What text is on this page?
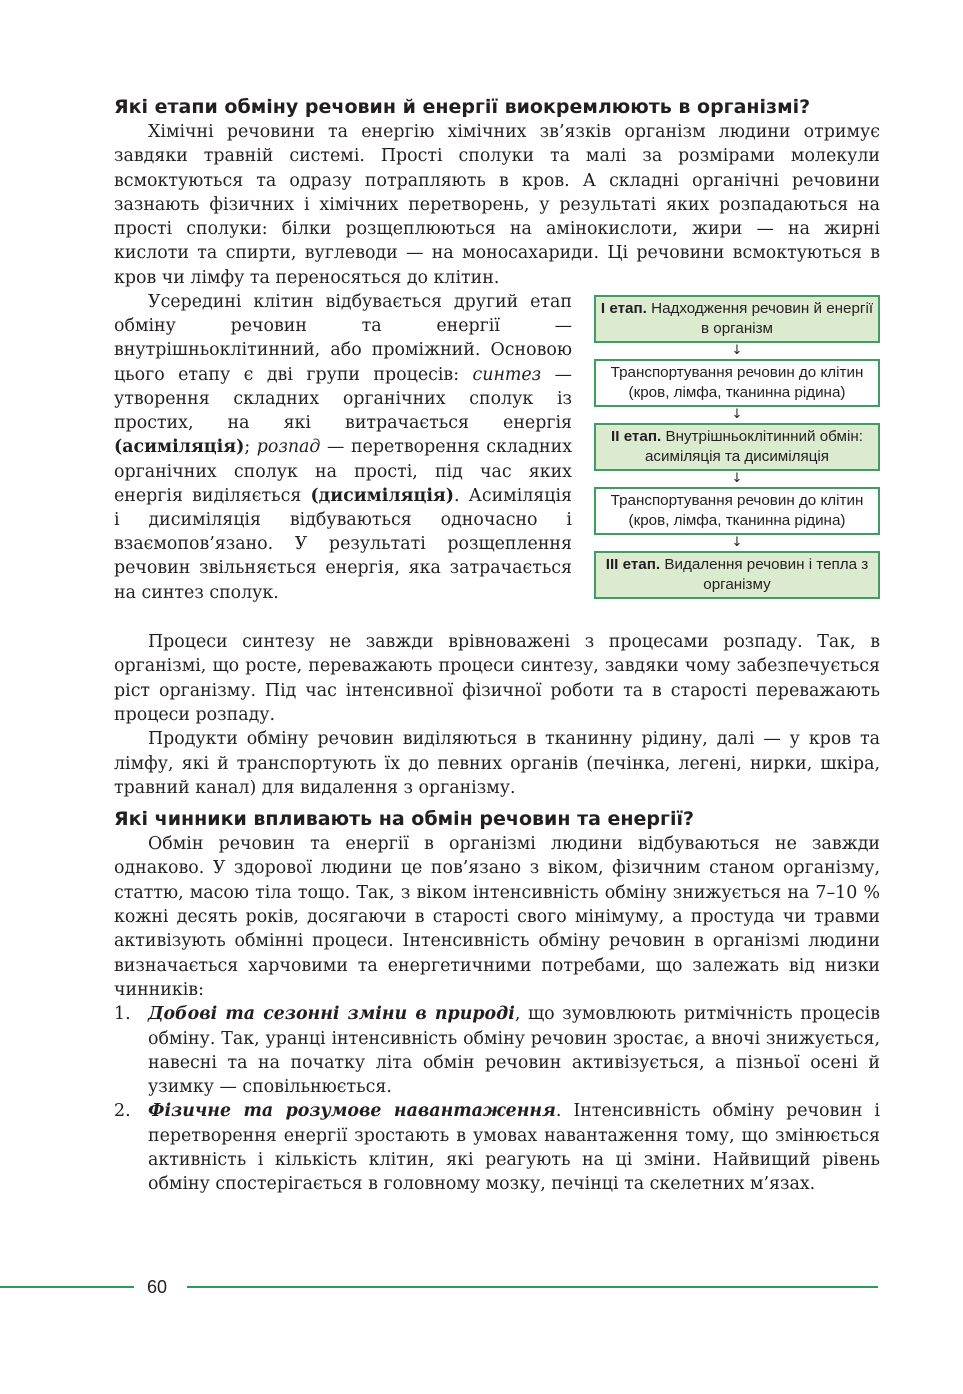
Які етапи обміну речовин й енергії виокремлюють в організмі?

Хімічні речовини та енергію хімічних зв’язків організм людини отримує завдяки травній системі. Прості сполуки та малі за розмірами молекули всмоктуються та одразу потрапляють в кров. А складні органічні речовини зазнають фізичних і хімічних перетворень, у результаті яких розпадаються на прості сполуки: білки розщеплюються на амінокислоти, жири — на жирні кислоти та спирти, вуглеводи — на моносахариди. Ці речовини всмоктуються в кров чи лімфу та переносяться до клітин.

Усередині клітин відбувається другий етап обміну речовин та енергії — внутрішньоклітинний, або проміжний. Основою цього етапу є дві групи процесів: синтез — утворення складних органічних сполук із простих, на які витрачається енергія (асиміляція); розпад — перетворення складних органічних сполук на прості, під час яких енергія виділяється (дисиміляція). Асиміляція і дисиміляція відбуваються одночасно і взаємопов’язано. У результаті розщеплення речовин звільняється енергія, яка затрачається на синтез сполук.

I етап. Надходження речовин й енергії в організм
↓
Транспортування речовин до клітин (кров, лімфа, тканинна рідина)
↓
II етап. Внутрішньоклітинний обмін: асиміляція та дисиміляція
↓
Транспортування речовин до клітин (кров, лімфа, тканинна рідина)
↓
III етап. Видалення речовин і тепла з організму

Процеси синтезу не завжди врівноважені з процесами розпаду. Так, в організмі, що росте, переважають процеси синтезу, завдяки чому забезпечується ріст організму. Під час інтенсивної фізичної роботи та в старості переважають процеси розпаду.

Продукти обміну речовин виділяються в тканинну рідину, далі — у кров та лімфу, які й транспортують їх до певних органів (печінка, легені, нирки, шкіра, травний канал) для видалення з організму.

Які чинники впливають на обмін речовин та енергії?

Обмін речовин та енергії в організмі людини відбуваються не завжди однаково. У здорової людини це пов’язано з віком, фізичним станом організму, статтю, масою тіла тощо. Так, з віком інтенсивність обміну знижується на 7–10 % кожні десять років, досягаючи в старості свого мінімуму, а простуда чи травми активізують обмінні процеси. Інтенсивність обміну речовин в організмі людини визначається харчовими та енергетичними потребами, що залежать від низки чинників:

1. Добові та сезонні зміни в природі, що зумовлюють ритмічність процесів обміну. Так, уранці інтенсивність обміну речовин зростає, а вночі знижується, навесні та на початку літа обмін речовин активізується, а пізньої осені й узимку — сповільнюється.
2. Фізичне та розумове навантаження. Інтенсивність обміну речовин і перетворення енергії зростають в умовах навантаження тому, що змінюється активність і кількість клітин, які реагують на ці зміни. Найвищий рівень обміну спостерігається в головному мозку, печінці та скелетних м’язах.
60
